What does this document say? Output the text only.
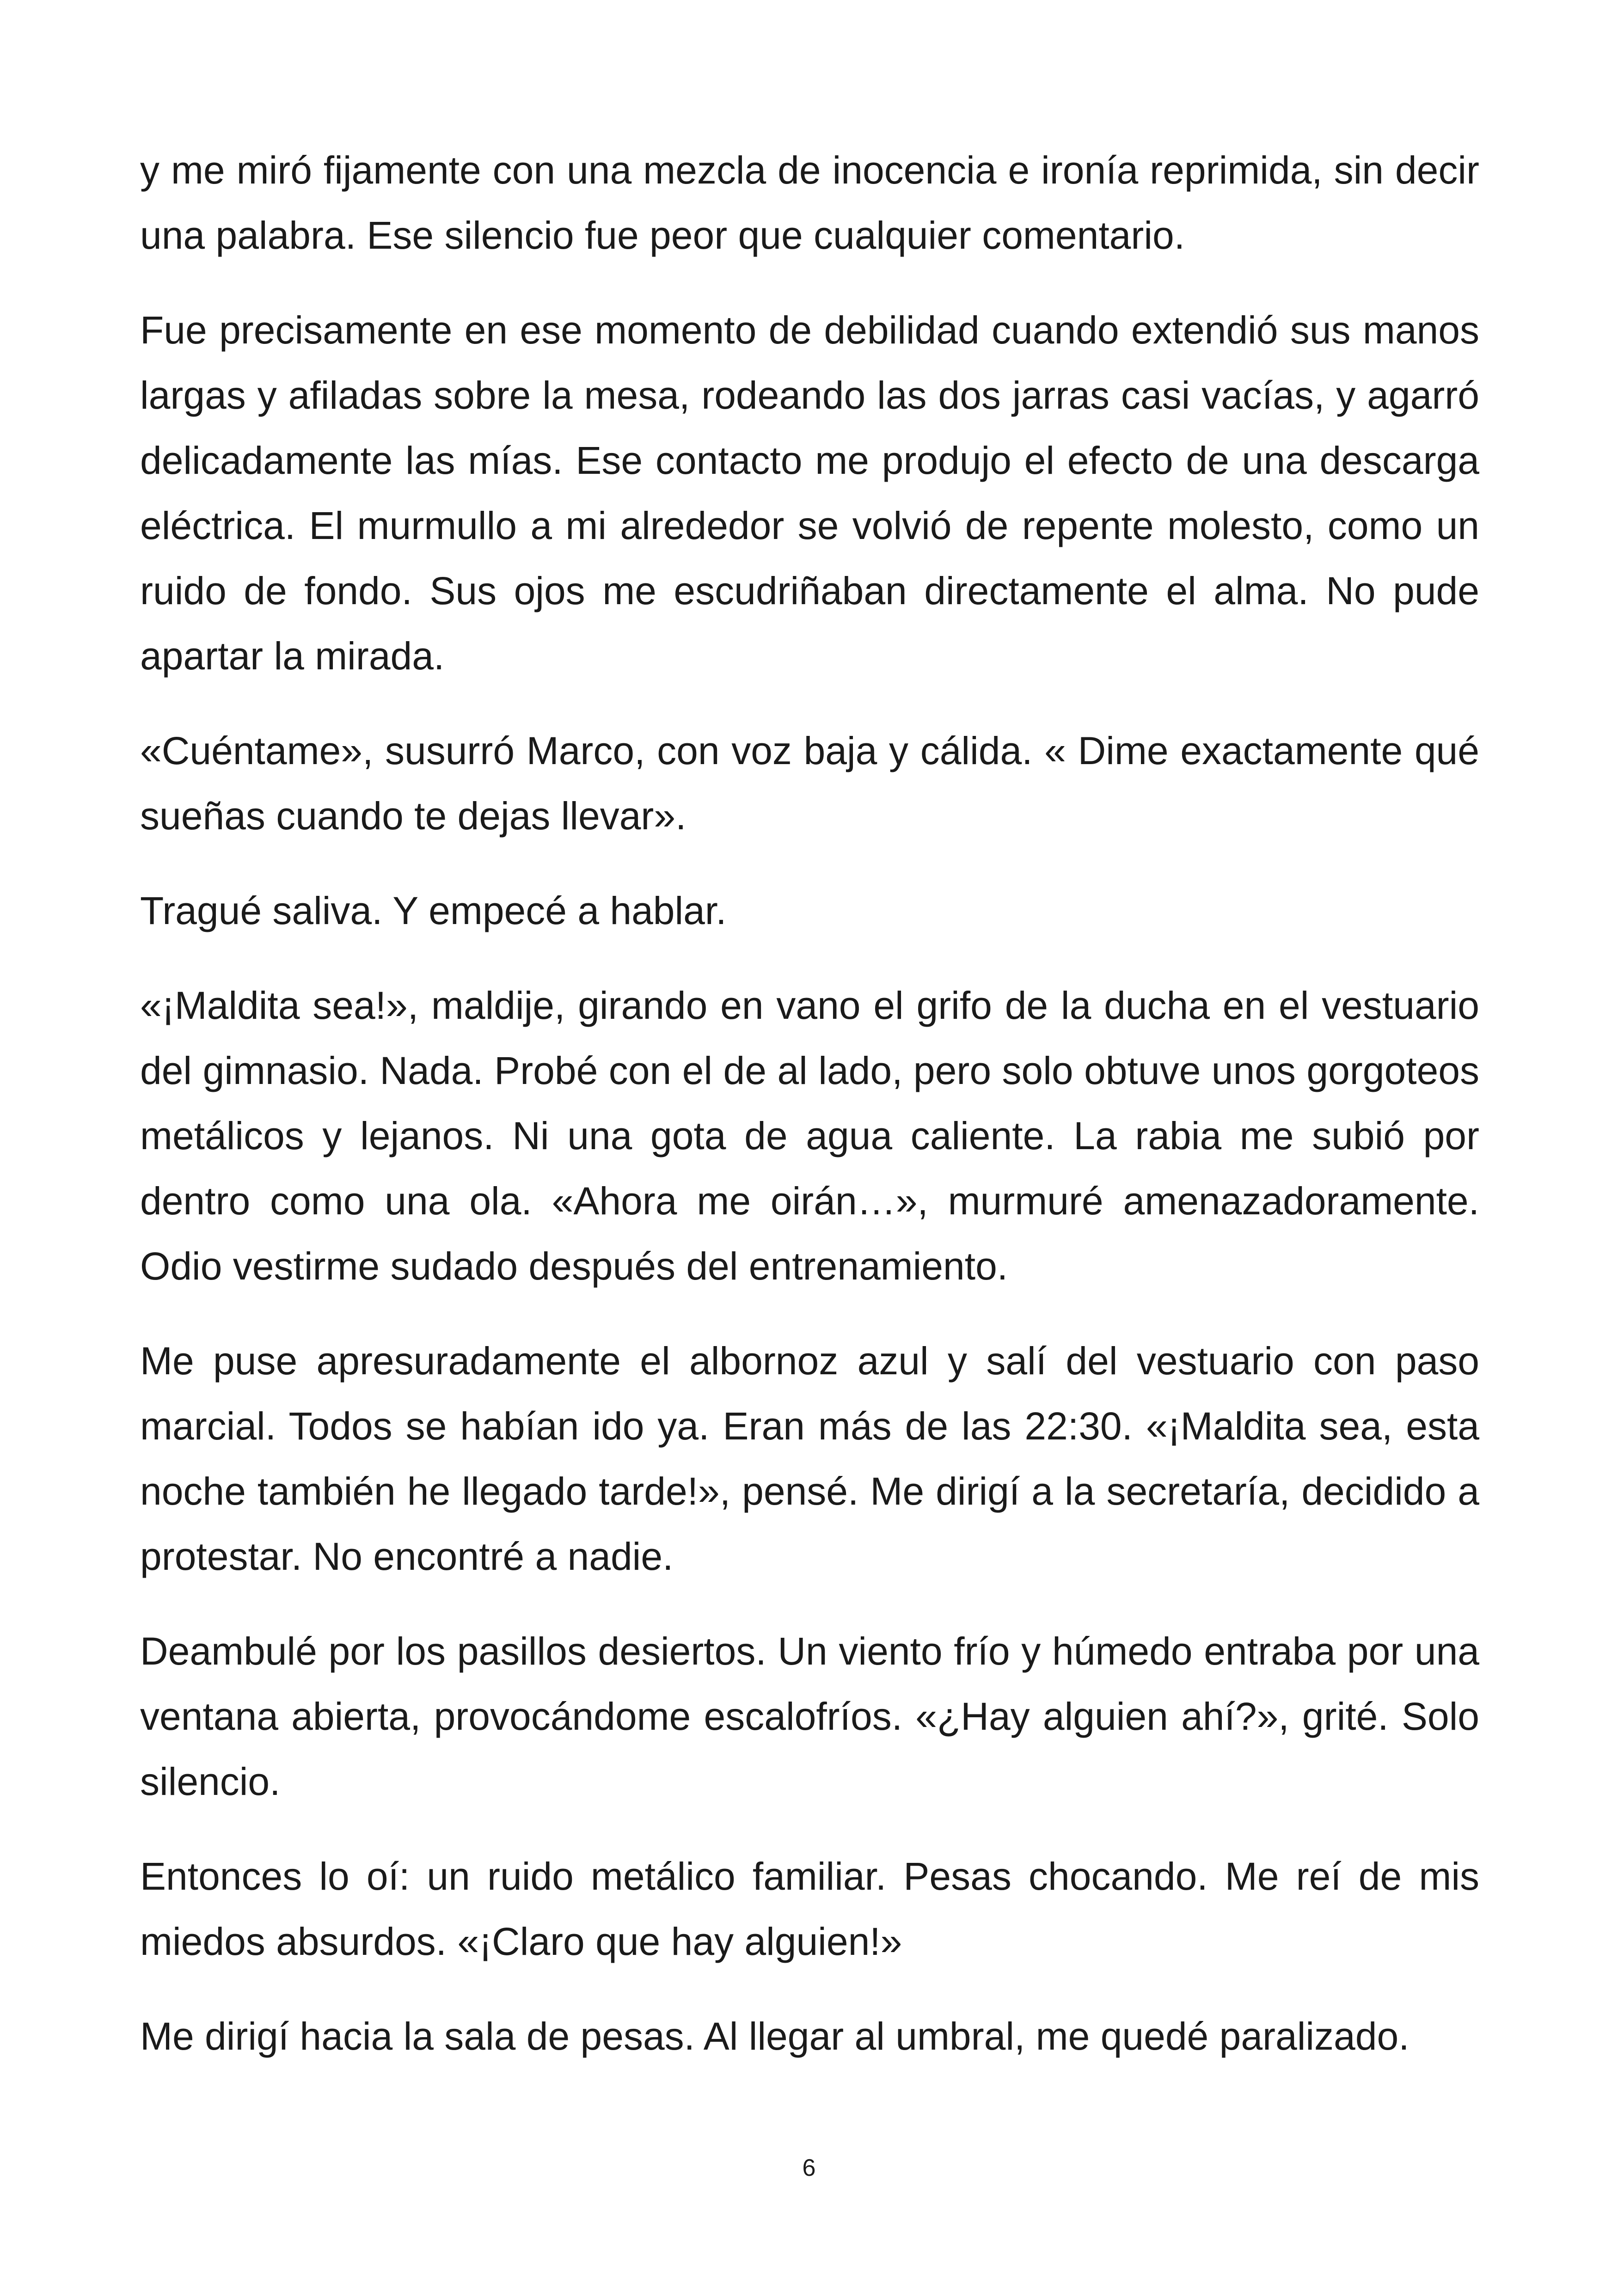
y me miró fijamente con una mezcla de inocencia e ironía reprimida, sin decir una palabra. Ese silencio fue peor que cualquier comentario.

Fue precisamente en ese momento de debilidad cuando extendió sus manos largas y afiladas sobre la mesa, rodeando las dos jarras casi vacías, y agarró delicadamente las mías. Ese contacto me produjo el efecto de una descarga eléctrica. El murmullo a mi alrededor se volvió de repente molesto, como un ruido de fondo. Sus ojos me escudriñaban directamente el alma. No pude apartar la mirada.

«Cuéntame», susurró Marco, con voz baja y cálida. « Dime exactamente qué sueñas cuando te dejas llevar».

Tragué saliva. Y empecé a hablar.

«¡Maldita sea!», maldije, girando en vano el grifo de la ducha en el vestuario del gimnasio. Nada. Probé con el de al lado, pero solo obtuve unos gorgoteos metálicos y lejanos. Ni una gota de agua caliente. La rabia me subió por dentro como una ola. «Ahora me oirán…», murmuré amenazadoramente. Odio vestirme sudado después del entrenamiento.

Me puse apresuradamente el albornoz azul y salí del vestuario con paso marcial. Todos se habían ido ya. Eran más de las 22:30. «¡Maldita sea, esta noche también he llegado tarde!», pensé. Me dirigí a la secretaría, decidido a protestar. No encontré a nadie.

Deambulé por los pasillos desiertos. Un viento frío y húmedo entraba por una ventana abierta, provocándome escalofríos. «¿Hay alguien ahí?», grité. Solo silencio.

Entonces lo oí: un ruido metálico familiar. Pesas chocando. Me reí de mis miedos absurdos. «¡Claro que hay alguien!»

Me dirigí hacia la sala de pesas. Al llegar al umbral, me quedé paralizado.

6
